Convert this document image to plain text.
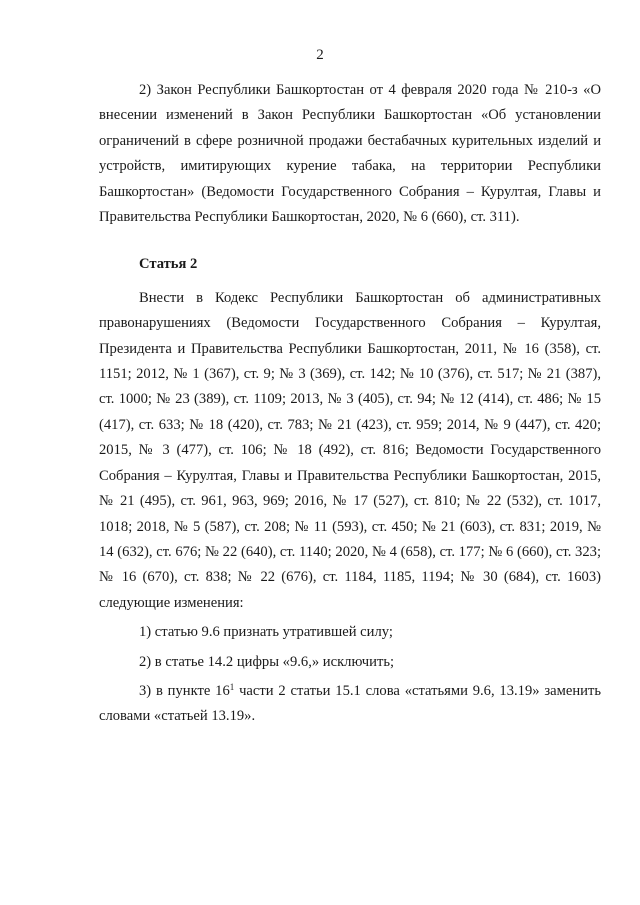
2

2) Закон Республики Башкортостан от 4 февраля 2020 года № 210-з «О внесении изменений в Закон Республики Башкортостан «Об установлении ограничений в сфере розничной продажи бестабачных курительных изделий и устройств, имитирующих курение табака, на территории Республики Башкортостан» (Ведомости Государственного Собрания – Курултая, Главы и Правительства Республики Башкортостан, 2020, № 6 (660), ст. 311).

Статья 2

Внести в Кодекс Республики Башкортостан об административных правонарушениях (Ведомости Государственного Собрания – Курултая, Президента и Правительства Республики Башкортостан, 2011, № 16 (358), ст. 1151; 2012, № 1 (367), ст. 9; № 3 (369), ст. 142; № 10 (376), ст. 517; № 21 (387), ст. 1000; № 23 (389), ст. 1109; 2013, № 3 (405), ст. 94; № 12 (414), ст. 486; № 15 (417), ст. 633; № 18 (420), ст. 783; № 21 (423), ст. 959; 2014, № 9 (447), ст. 420; 2015, № 3 (477), ст. 106; № 18 (492), ст. 816; Ведомости Государственного Собрания – Курултая, Главы и Правительства Республики Башкортостан, 2015, № 21 (495), ст. 961, 963, 969; 2016, № 17 (527), ст. 810; № 22 (532), ст. 1017, 1018; 2018, № 5 (587), ст. 208; № 11 (593), ст. 450; № 21 (603), ст. 831; 2019, № 14 (632), ст. 676; № 22 (640), ст. 1140; 2020, № 4 (658), ст. 177; № 6 (660), ст. 323; № 16 (670), ст. 838; № 22 (676), ст. 1184, 1185, 1194; № 30 (684), ст. 1603) следующие изменения:

1) статью 9.6 признать утратившей силу;

2) в статье 14.2 цифры «9.6,» исключить;

3) в пункте $16^1$ части 2 статьи 15.1 слова «статьями 9.6, 13.19» заменить словами «статьей 13.19».
